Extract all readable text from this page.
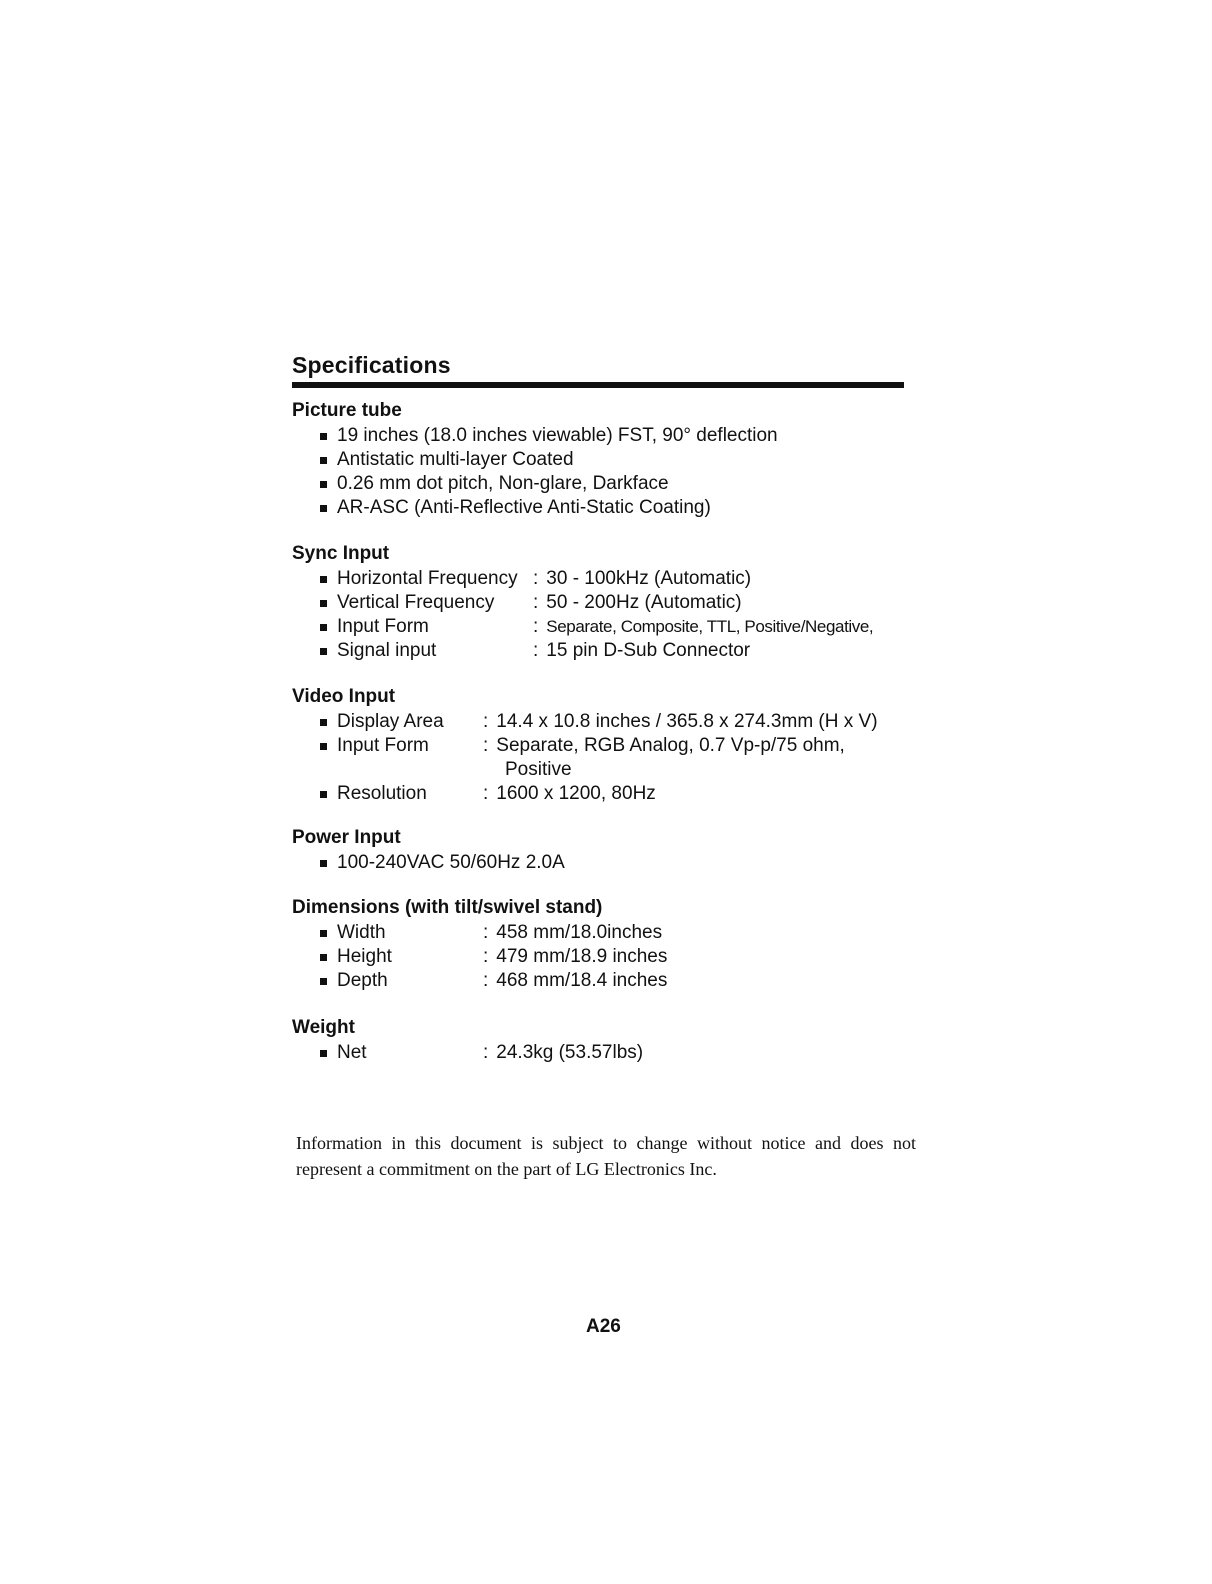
Specifications
Picture tube
19 inches (18.0 inches viewable) FST, 90° deflection
Antistatic multi-layer Coated
0.26 mm dot pitch, Non-glare, Darkface
AR-ASC (Anti-Reflective Anti-Static Coating)
Sync Input
Horizontal Frequency : 30 - 100kHz (Automatic)
Vertical Frequency	: 50 - 200Hz (Automatic)
Input Form	: Separate, Composite, TTL, Positive/Negative,
Signal input	: 15 pin D-Sub Connector
Video Input
Display Area	: 14.4 x 10.8 inches / 365.8 x 274.3mm (H x V)
Input Form	: Separate, RGB Analog, 0.7 Vp-p/75 ohm,
Positive
Resolution	: 1600 x 1200, 80Hz
Power Input
100-240VAC 50/60Hz 2.0A
Dimensions (with tilt/swivel stand)
Width	: 458 mm/18.0inches
Height	: 479 mm/18.9 inches
Depth	: 468 mm/18.4 inches
Weight
Net	: 24.3kg (53.57lbs)

Information in this document is subject to change without notice and does not represent a commitment on the part of LG Electronics Inc.

A26
